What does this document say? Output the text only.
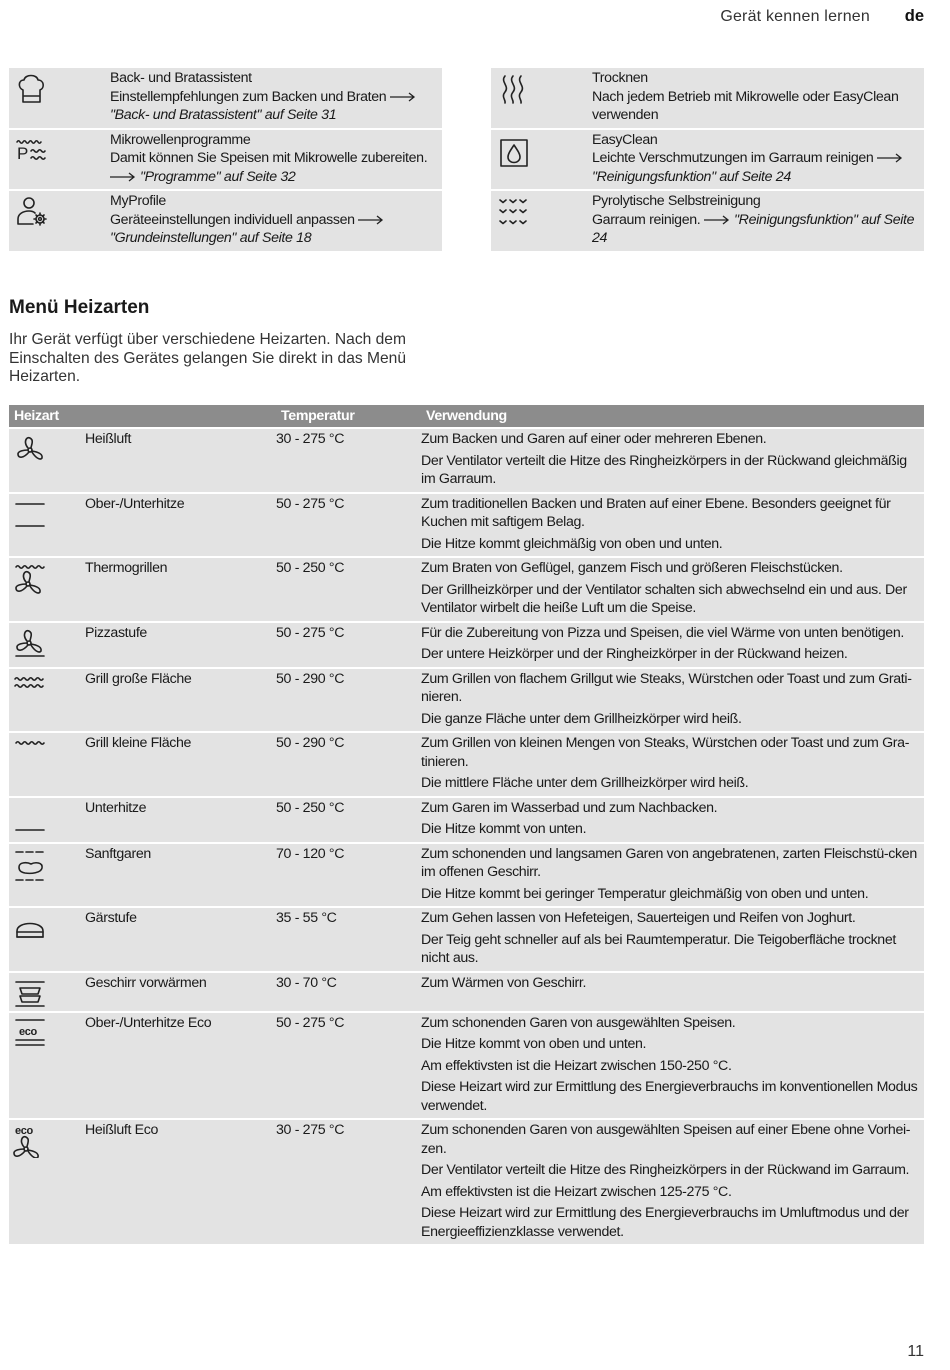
Gerät kennen lernen de
Back- und Bratassistent
Einstellempfehlungen zum Backen und Braten "Back- und Bratassistent" auf Seite 31
P
Mikrowellenprogramme
Damit können Sie Speisen mit Mikrowelle zubereiten. "Programme" auf Seite 32
MyProfile
Geräteeinstellungen individuell anpassen "Grundeinstellungen" auf Seite 18
Trocknen
Nach jedem Betrieb mit Mikrowelle oder EasyClean verwenden
EasyClean
Leichte Verschmutzungen im Garraum reinigen "Reinigungsfunktion" auf Seite 24
Pyrolytische Selbstreinigung
Garraum reinigen. "Reinigungsfunktion" auf Seite 24
Menü Heizarten

Ihr Gerät verfügt über verschiedene Heizarten. Nach dem Einschalten des Gerätes gelangen Sie direkt in das Menü Heizarten.

Heizart		Temperatur	Verwendung

	Heißluft	30 - 275 °C	Zum Backen und Garen auf einer oder mehreren Ebenen.

Der Ventilator verteilt die Hitze des Ringheizkörpers in der Rückwand gleichmäßig im Garraum.

	Ober-/Unterhitze	50 - 275 °C	Zum traditionellen Backen und Braten auf einer Ebene. Besonders geeignet für Kuchen mit saftigem Belag.

Die Hitze kommt gleichmäßig von oben und unten.

	Thermogrillen	50 - 250 °C	Zum Braten von Geflügel, ganzem Fisch und größeren Fleischstücken.

Der Grillheizkörper und der Ventilator schalten sich abwechselnd ein und aus. Der Ventilator wirbelt die heiße Luft um die Speise.

	Pizzastufe	50 - 275 °C	Für die Zubereitung von Pizza und Speisen, die viel Wärme von unten benötigen.

Der untere Heizkörper und der Ringheizkörper in der Rückwand heizen.

	Grill große Fläche	50 - 290 °C	Zum Grillen von flachem Grillgut wie Steaks, Würstchen oder Toast und zum Grati-nieren.

Die ganze Fläche unter dem Grillheizkörper wird heiß.

	Grill kleine Fläche	50 - 290 °C	Zum Grillen von kleinen Mengen von Steaks, Würstchen oder Toast und zum Gra-tinieren.

Die mittlere Fläche unter dem Grillheizkörper wird heiß.

	Unterhitze	50 - 250 °C	Zum Garen im Wasserbad und zum Nachbacken.

Die Hitze kommt von unten.

	Sanftgaren	70 - 120 °C	Zum schonenden und langsamen Garen von angebratenen, zarten Fleischstü-cken im offenen Geschirr.

Die Hitze kommt bei geringer Temperatur gleichmäßig von oben und unten.

	Gärstufe	35 - 55 °C	Zum Gehen lassen von Hefeteigen, Sauerteigen und Reifen von Joghurt.

Der Teig geht schneller auf als bei Raumtemperatur. Die Teigoberfläche trocknet nicht aus.

	Geschirr vorwärmen	30 - 70 °C	Zum Wärmen von Geschirr.

eco	Ober-/Unterhitze Eco	50 - 275 °C	Zum schonenden Garen von ausgewählten Speisen.

Die Hitze kommt von oben und unten.

Am effektivsten ist die Heizart zwischen 150-250 °C.

Diese Heizart wird zur Ermittlung des Energieverbrauchs im konventionellen Modus verwendet.

eco	Heißluft Eco	30 - 275 °C	Zum schonenden Garen von ausgewählten Speisen auf einer Ebene ohne Vorhei-zen.

Der Ventilator verteilt die Hitze des Ringheizkörpers in der Rückwand im Garraum.

Am effektivsten ist die Heizart zwischen 125-275 °C.

Diese Heizart wird zur Ermittlung des Energieverbrauchs im Umluftmodus und der Energieeffizienzklasse verwendet.

11
